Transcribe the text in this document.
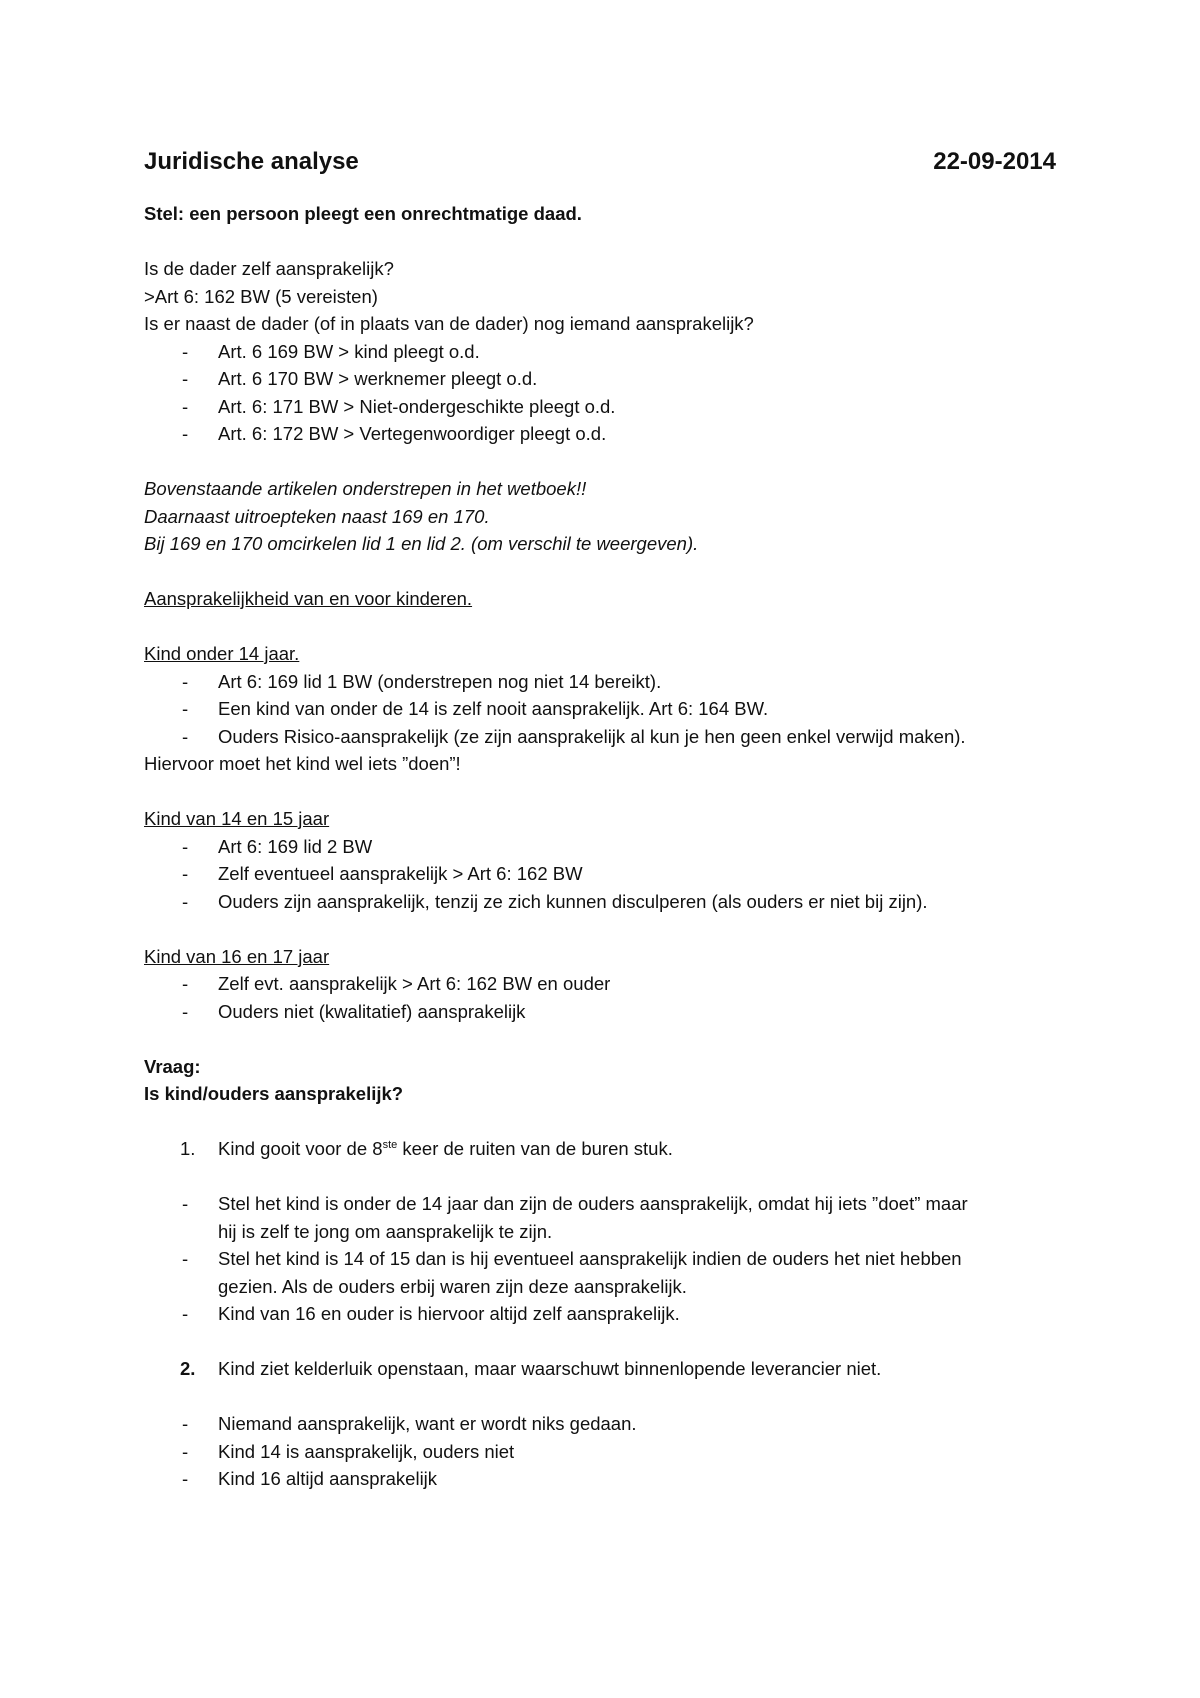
Juridische analyse	22-09-2014
Stel: een persoon pleegt een onrechtmatige daad.
Is de dader zelf aansprakelijk?
>Art 6: 162 BW (5 vereisten)
Is er naast de dader (of in plaats van de dader) nog iemand aansprakelijk?
- Art. 6 169 BW > kind pleegt o.d.
- Art. 6 170 BW > werknemer pleegt o.d.
- Art. 6: 171 BW > Niet-ondergeschikte pleegt o.d.
- Art. 6: 172 BW > Vertegenwoordiger pleegt o.d.
Bovenstaande artikelen onderstrepen in het wetboek!!
Daarnaast uitroepteken naast 169 en 170.
Bij 169 en 170 omcirkelen lid 1 en lid 2. (om verschil te weergeven).
Aansprakelijkheid van en voor kinderen.
Kind onder 14 jaar.
- Art 6: 169 lid 1 BW (onderstrepen nog niet 14 bereikt).
- Een kind van onder de 14 is zelf nooit aansprakelijk. Art 6: 164 BW.
- Ouders Risico-aansprakelijk (ze zijn aansprakelijk al kun je hen geen enkel verwijd maken).
Hiervoor moet het kind wel iets ”doen”!
Kind van 14 en 15 jaar
- Art 6: 169 lid 2 BW
- Zelf eventueel aansprakelijk > Art 6: 162 BW
- Ouders zijn aansprakelijk, tenzij ze zich kunnen disculperen (als ouders er niet bij zijn).
Kind van 16 en 17 jaar
- Zelf evt. aansprakelijk > Art 6: 162 BW en ouder
- Ouders niet (kwalitatief) aansprakelijk
Vraag:
Is kind/ouders aansprakelijk?
1. Kind gooit voor de 8ste keer de ruiten van de buren stuk.
- Stel het kind is onder de 14 jaar dan zijn de ouders aansprakelijk, omdat hij iets ”doet” maar
hij is zelf te jong om aansprakelijk te zijn.
- Stel het kind is 14 of 15 dan is hij eventueel aansprakelijk indien de ouders het niet hebben
gezien. Als de ouders erbij waren zijn deze aansprakelijk.
- Kind van 16 en ouder is hiervoor altijd zelf aansprakelijk.
2. Kind ziet kelderluik openstaan, maar waarschuwt binnenlopende leverancier niet.
- Niemand aansprakelijk, want er wordt niks gedaan.
- Kind 14 is aansprakelijk, ouders niet
- Kind 16 altijd aansprakelijk
